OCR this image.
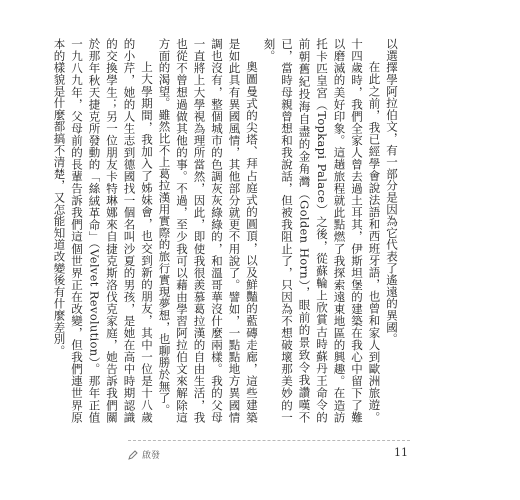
以選擇學阿拉伯文，有一部分是因為它代表了遙遠的異國。

在此之前，我已經學會說法語和西班牙語，也曾和家人到歐洲旅遊。十四歲時，我們全家人曾去過土耳其，伊斯坦堡的建築在我心中留下了難以磨滅的美好印象。這趟旅程就此點燃了我探索遠東地區的興趣。在造訪托卡匹皇宮（Topkapi Palace）之後，從蘇輪上欣賞古時蘇丹王命令的前朝舊紀投海自盡的金角灣（Golden Horn），眼前的景致令我讚嘆不已，當時母親曾想和我說話，但被我阻止了，只因為不想破壞那美妙的一刻。

奧圖曼式的尖塔、拜占庭式的圓頂，以及鮮豔的藍磚走廊，這些建築是如此具有異國風情，其他部分就更不用說了。譬如，一點點地方異國情調也沒有，整個城市的色調灰灰綠綠的，和溫哥華沒什麼兩樣。我的父母一直將上大學視為理所當然，因此，即使我很羨慕葛拉漢的自由生活，我也從不曾想過做其他的事。不過，至少我可以藉由學習阿拉伯文來解除這方面的渴望。雖然比不上葛拉漢用實際的旅行實現夢想，也聊勝於無了。

上大學期間，我加入了姊妹會，也交到新的朋友，其中一位是十八歲的小芹，她的人生志到德國找一個名叫沙夏的男孩，是她在高中時期認識的交換學生；另一位朋友卡特琳娜來自捷克斯洛伐克家庭，她告訴我們關於那年秋天捷克所發動的「絲絨革命」（Velvet Revolution）。那年正值一九八九年，父母前的長輩告訴我們這個世界正在改變，但我們連世界原本的樣貌是什麼都搞不清楚，又怎能知道改變後有什麼差別。

啟發	11
